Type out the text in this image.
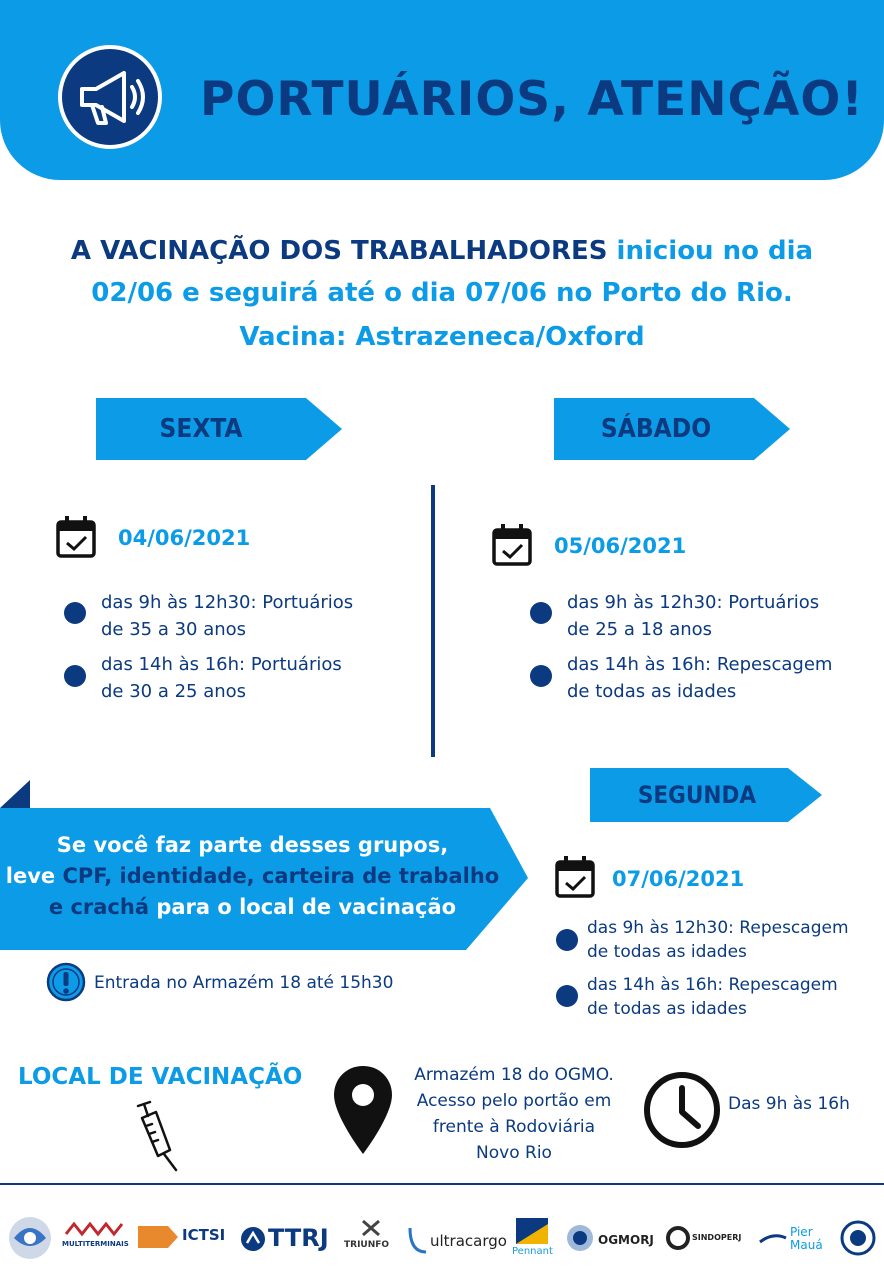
PORTUÁRIOS, ATENÇÃO!
A VACINAÇÃO DOS TRABALHADORES iniciou no dia
02/06 e seguirá até o dia 07/06 no Porto do Rio.
Vacina: Astrazeneca/Oxford
SEXTA	SÁBADO
SEGUNDA
04/06/2021
das 9h às 12h30: Portuários
de 35 a 30 anos
das 14h às 16h: Portuários
de 30 a 25 anos
05/06/2021
das 9h às 12h30: Portuários
de 25 a 18 anos
das 14h às 16h: Repescagem
de todas as idades
Se você faz parte desses grupos,
leve CPF, identidade, carteira de trabalho
e crachá para o local de vacinação
Entrada no Armazém 18 até 15h30
07/06/2021
das 9h às 12h30: Repescagem
de todas as idades
das 14h às 16h: Repescagem
de todas as idades
LOCAL DE VACINAÇÃO	Armazém 18 do OGMO.
Acesso pelo portão em
frente à Rodoviária
Novo Rio
Das 9h às 16h
MULTITERMINAIS	ICTSI TTRJ TRIUNFO	ultracargo
Pennant
OGMORJ	SINDOPERJ	Pier Mauá
